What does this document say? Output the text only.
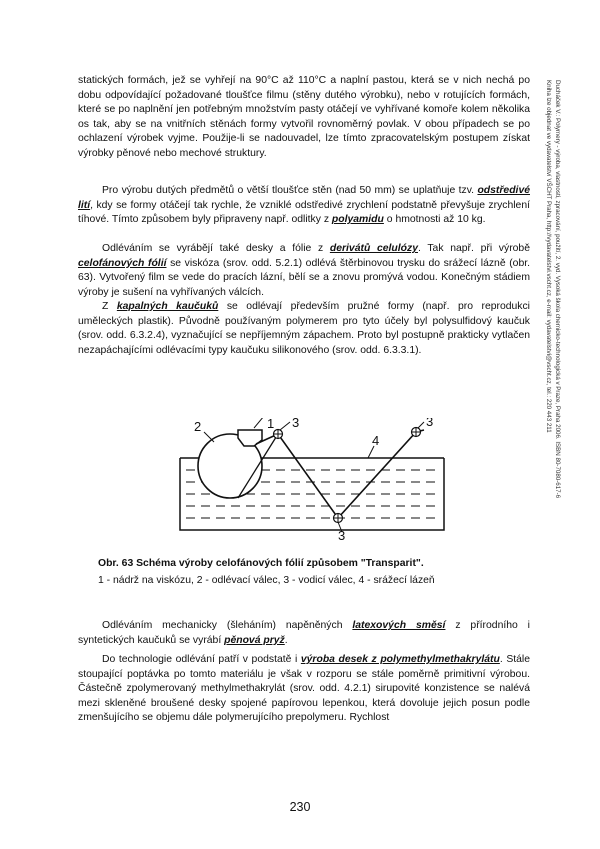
statických formách, jež se vyhřejí na 90°C až 110°C a naplní pastou, která se v nich nechá po dobu odpovídající požadované tloušťce filmu (stěny dutého výrobku), nebo v rotujících formách, které se po naplnění jen potřebným množstvím pasty otáčejí ve vyhřívané komoře kolem několika os tak, aby se na vnitřních stěnách formy vytvořil rovnoměrný povlak. V obou případech se po ochlazení výrobek vyjme. Použije-li se nadouvadel, lze tímto zpracovatelským postupem získat výrobky pěnové nebo mechové struktury.

Pro výrobu dutých předmětů o větší tloušťce stěn (nad 50 mm) se uplatňuje tzv. odstředivé lití, kdy se formy otáčejí tak rychle, že vzniklé odstředivé zrychlení podstatně převyšuje zrychlení tíhové. Tímto způsobem byly připraveny např. odlitky z polyamidu o hmotnosti až 10 kg.

Odléváním se vyrábějí také desky a fólie z derivátů celulózy. Tak např. při výrobě celofánových fólií se viskóza (srov. odd. 5.2.1) odlévá štěrbinovou trysku do srážecí lázně (obr. 63). Vytvořený film se vede do pracích lázní, bělí se a znovu promývá vodou. Konečným stádiem výroby je sušení na vyhřívaných válcích.

Z kapalných kaučuků se odlévají především pružné formy (např. pro reprodukci uměleckých plastik). Původně používaným polymerem pro tyto účely byl polysulfidový kaučuk (srov. odd. 6.3.2.4), vyznačující se nepříjemným zápachem. Proto byl postupně prakticky vytlačen nezapáchajícími odlévacími typy kaučuku silikonového (srov. odd. 6.3.3.1).

1
2	3
3
3
4
Obr. 63 Schéma výroby celofánových fólií způsobem "Transparit".
1 - nádrž na viskózu, 2 - odlévací válec, 3 - vodicí válec, 4 - srážecí lázeň

Odléváním mechanicky (šleháním) napěněných latexových směsí z přírodního i syntetických kaučuků se vyrábí pěnová pryž.

Do technologie odlévání patří v podstatě i výroba desek z polymethylmethakrylátu. Stále stoupající poptávka po tomto materiálu je však v rozporu se stále poměrně primitivní výrobou. Částečně zpolymerovaný methylmethakrylát (srov. odd. 4.2.1) sirupovité konzistence se nalévá mezi skleněné broušené desky spojené papírovou lepenkou, která dovoluje jejich posun podle zmenšujícího se objemu dále polymerujícího prepolymeru. Rychlost

230
Ducháček V.: Polymery - výroba, vlastnosti, zpracování, použití, 2. vyd. Vysoká škola chemicko-technologická v Praze, Praha 2006. ISBN 80-7080-617-6
Kniha lze objednat ve vydavatelství VŠCHT Praha, http://vydavatelstvi.vscht.cz, e-mail: vydavatelstvi@vscht.cz, tel.: 220 443 211
